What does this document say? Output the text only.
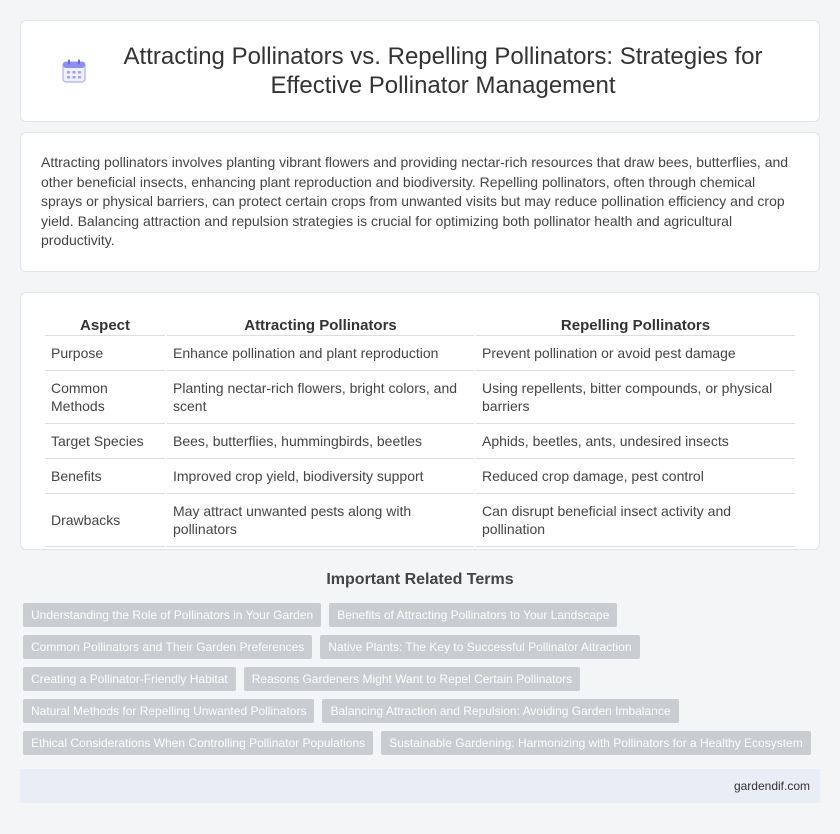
Attracting Pollinators vs. Repelling Pollinators: Strategies for Effective Pollinator Management

Attracting pollinators involves planting vibrant flowers and providing nectar-rich resources that draw bees, butterflies, and other beneficial insects, enhancing plant reproduction and biodiversity. Repelling pollinators, often through chemical sprays or physical barriers, can protect certain crops from unwanted visits but may reduce pollination efficiency and crop yield. Balancing attraction and repulsion strategies is crucial for optimizing both pollinator health and agricultural productivity.

Aspect	Attracting Pollinators	Repelling Pollinators
Purpose	Enhance pollination and plant reproduction	Prevent pollination or avoid pest damage
Common Methods	Planting nectar-rich flowers, bright colors, and scent	Using repellents, bitter compounds, or physical barriers
Target Species	Bees, butterflies, hummingbirds, beetles	Aphids, beetles, ants, undesired insects
Benefits	Improved crop yield, biodiversity support	Reduced crop damage, pest control
Drawbacks	May attract unwanted pests along with pollinators	Can disrupt beneficial insect activity and pollination
Important Related Terms
Understanding the Role of Pollinators in Your Garden	Benefits of Attracting Pollinators to Your Landscape
Common Pollinators and Their Garden Preferences	Native Plants: The Key to Successful Pollinator Attraction
Creating a Pollinator-Friendly Habitat	Reasons Gardeners Might Want to Repel Certain Pollinators
Natural Methods for Repelling Unwanted Pollinators	Balancing Attraction and Repulsion: Avoiding Garden Imbalance
Ethical Considerations When Controlling Pollinator Populations	Sustainable Gardening: Harmonizing with Pollinators for a Healthy Ecosystem
gardendif.com
